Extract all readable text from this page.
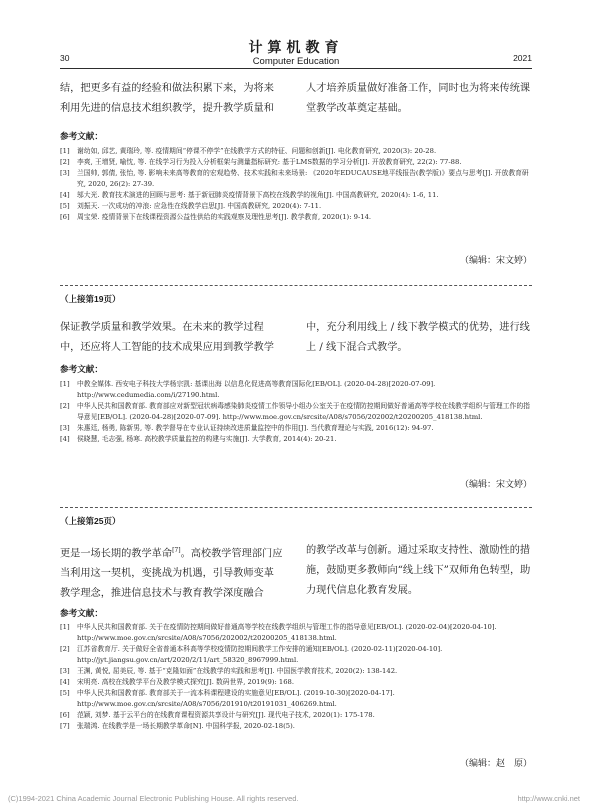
计算机教育
30	Computer Education	2021
结，把更多有益的经验和做法积累下来，为将来利用先进的信息技术组织教学，提升教学质量和
人才培养质量做好准备工作，同时也为将来传统课堂教学改革奠定基础。
参考文献：
[1]	谢幼如, 邱艺, 黄瑞玲, 等. 疫情期间“停课不停学”在线教学方式的特征、问题和创新[J]. 电化教育研究, 2020(3): 20-28.
[2]	李爽, 王增贤, 喻忱, 等. 在线学习行为投入分析框架与测量指标研究: 基于LMS数据的学习分析[J]. 开放教育研究, 22(2): 77-88.
[3]	兰国帅, 郭倩, 张怡, 等. 影响未来高等教育的宏观趋势、技术实践和未来场景: 《2020年EDUCAUSE地平线报告(教学版)》要点与思考[J]. 开放教育研究, 2020, 26(2): 27-39.
[4]	邬大光. 教育技术演进的回顾与思考: 基于新冠肺炎疫情背景下高校在线教学的视角[J]. 中国高教研究, 2020(4): 1-6, 11.
[5]	刘振天. 一次成功的冲浪: 应急性在线教学启思[J]. 中国高教研究, 2020(4): 7-11.
[6]	周宝荣. 疫情背景下在线课程资源公益性供给的实践观察及理性思考[J]. 教学教育, 2020(1): 9-14.
（编辑：宋文婷）
（上接第19页）
保证教学质量和教学效果。在未来的教学过程中，还应将人工智能的技术成果应用到教学教学
中，充分利用线上 / 线下教学模式的优势，进行线上 / 线下混合式教学。
参考文献：
[1]	中教全媒体. 西安电子科技大学杨宗凯: 基课出海 以信息化促进高等教育国际化[EB/OL]. (2020-04-28)[2020-07-09]. http://www.cedumedia.com/i/27190.html.
[2]	中华人民共和国教育部. 教育部应对新型冠状病毒感染肺炎疫情工作领导小组办公室关于在疫情防控期间做好普通高等学校在线教学组织与管理工作的指导意见[EB/OL]. (2020-04-28)[2020-07-09]. http://www.moe.gov.cn/srcsite/A08/s7056/202002/t20200205_418138.html.
[3]	朱惠廷, 杨勇, 陈新男, 等. 教学督导在专业认证持续改进质量监控中的作用[J]. 当代教育理论与实践, 2016(12): 94-97.
[4]	侯晓慧, 毛志强, 杨寒. 高校教学质量监控的构建与实施[J]. 大学教育, 2014(4): 20-21.
（编辑：宋文婷）
（上接第25页）
更是一场长期的教学革命[7]。高校教学管理部门应当利用这一契机，变挑战为机遇，引导教师变革教学理念，推进信息技术与教育教学深度融合
的教学改革与创新。通过采取支持性、激励性的措施，鼓励更多教师向“线上线下”双师角色转型，助力现代信息化教育发展。
参考文献：
[1]	中华人民共和国教育部. 关于在疫情防控期间做好普通高等学校在线教学组织与管理工作的指导意见[EB/OL]. (2020-02-04)[2020-04-10]. http://www.moe.gov.cn/srcsite/A08/s7056/202002/t20200205_418138.html.
[2]	江苏省教育厅. 关于做好全省普通本科高等学校疫情防控期间教学工作安排的通知[EB/OL]. (2020-02-11)[2020-04-10]. http://jyt.jiangsu.gov.cn/art/2020/2/11/art_58320_8967999.html.
[3]	王渊, 黄悦, 屈美辰, 等. 基于“克隆如面”在线教学的实践和思考[J]. 中国医学教育技术, 2020(2): 138-142.
[4]	宋明亮. 高校在线教学平台及教学模式探究[J]. 数码世界, 2019(9): 168.
[5]	中华人民共和国教育部. 教育部关于一流本科课程建设的实施意见[EB/OL]. (2019-10-30)[2020-04-17]. http://www.moe.gov.cn/srcsite/A08/s7056/201910/t20191031_406269.html.
[6]	范颖, 刘梦. 基于云平台的在线教育课程资源共享设计与研究[J]. 现代电子技术, 2020(1): 175-178.
[7]	张瑞鸿. 在线教学是一场长期教学革命[N]. 中国科学报, 2020-02-18(5).
（编辑：赵　原）
(C)1994-2021 China Academic Journal Electronic Publishing House. All rights reserved.	http://www.cnki.net
